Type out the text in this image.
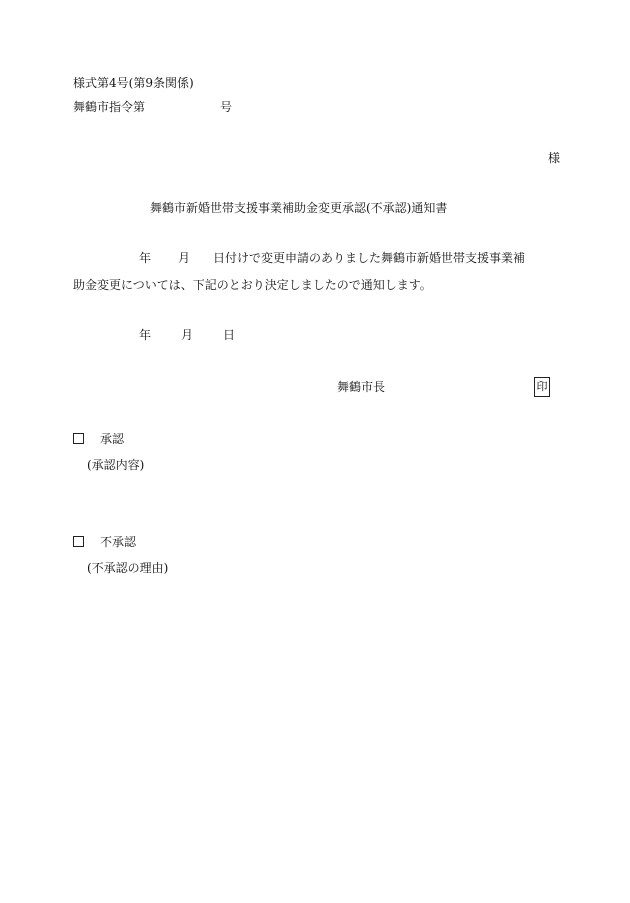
様式第4号(第9条関係)
舞鶴市指令第	号
様
舞鶴市新婚世帯支援事業補助金変更承認(不承認)通知書
年 月 日付けで変更申請のありました舞鶴市新婚世帯支援事業補
助金変更については、下記のとおり決定しましたので通知します。
年	月	日
舞鶴市長	印
承認
(承認内容)
不承認
(不承認の理由)
